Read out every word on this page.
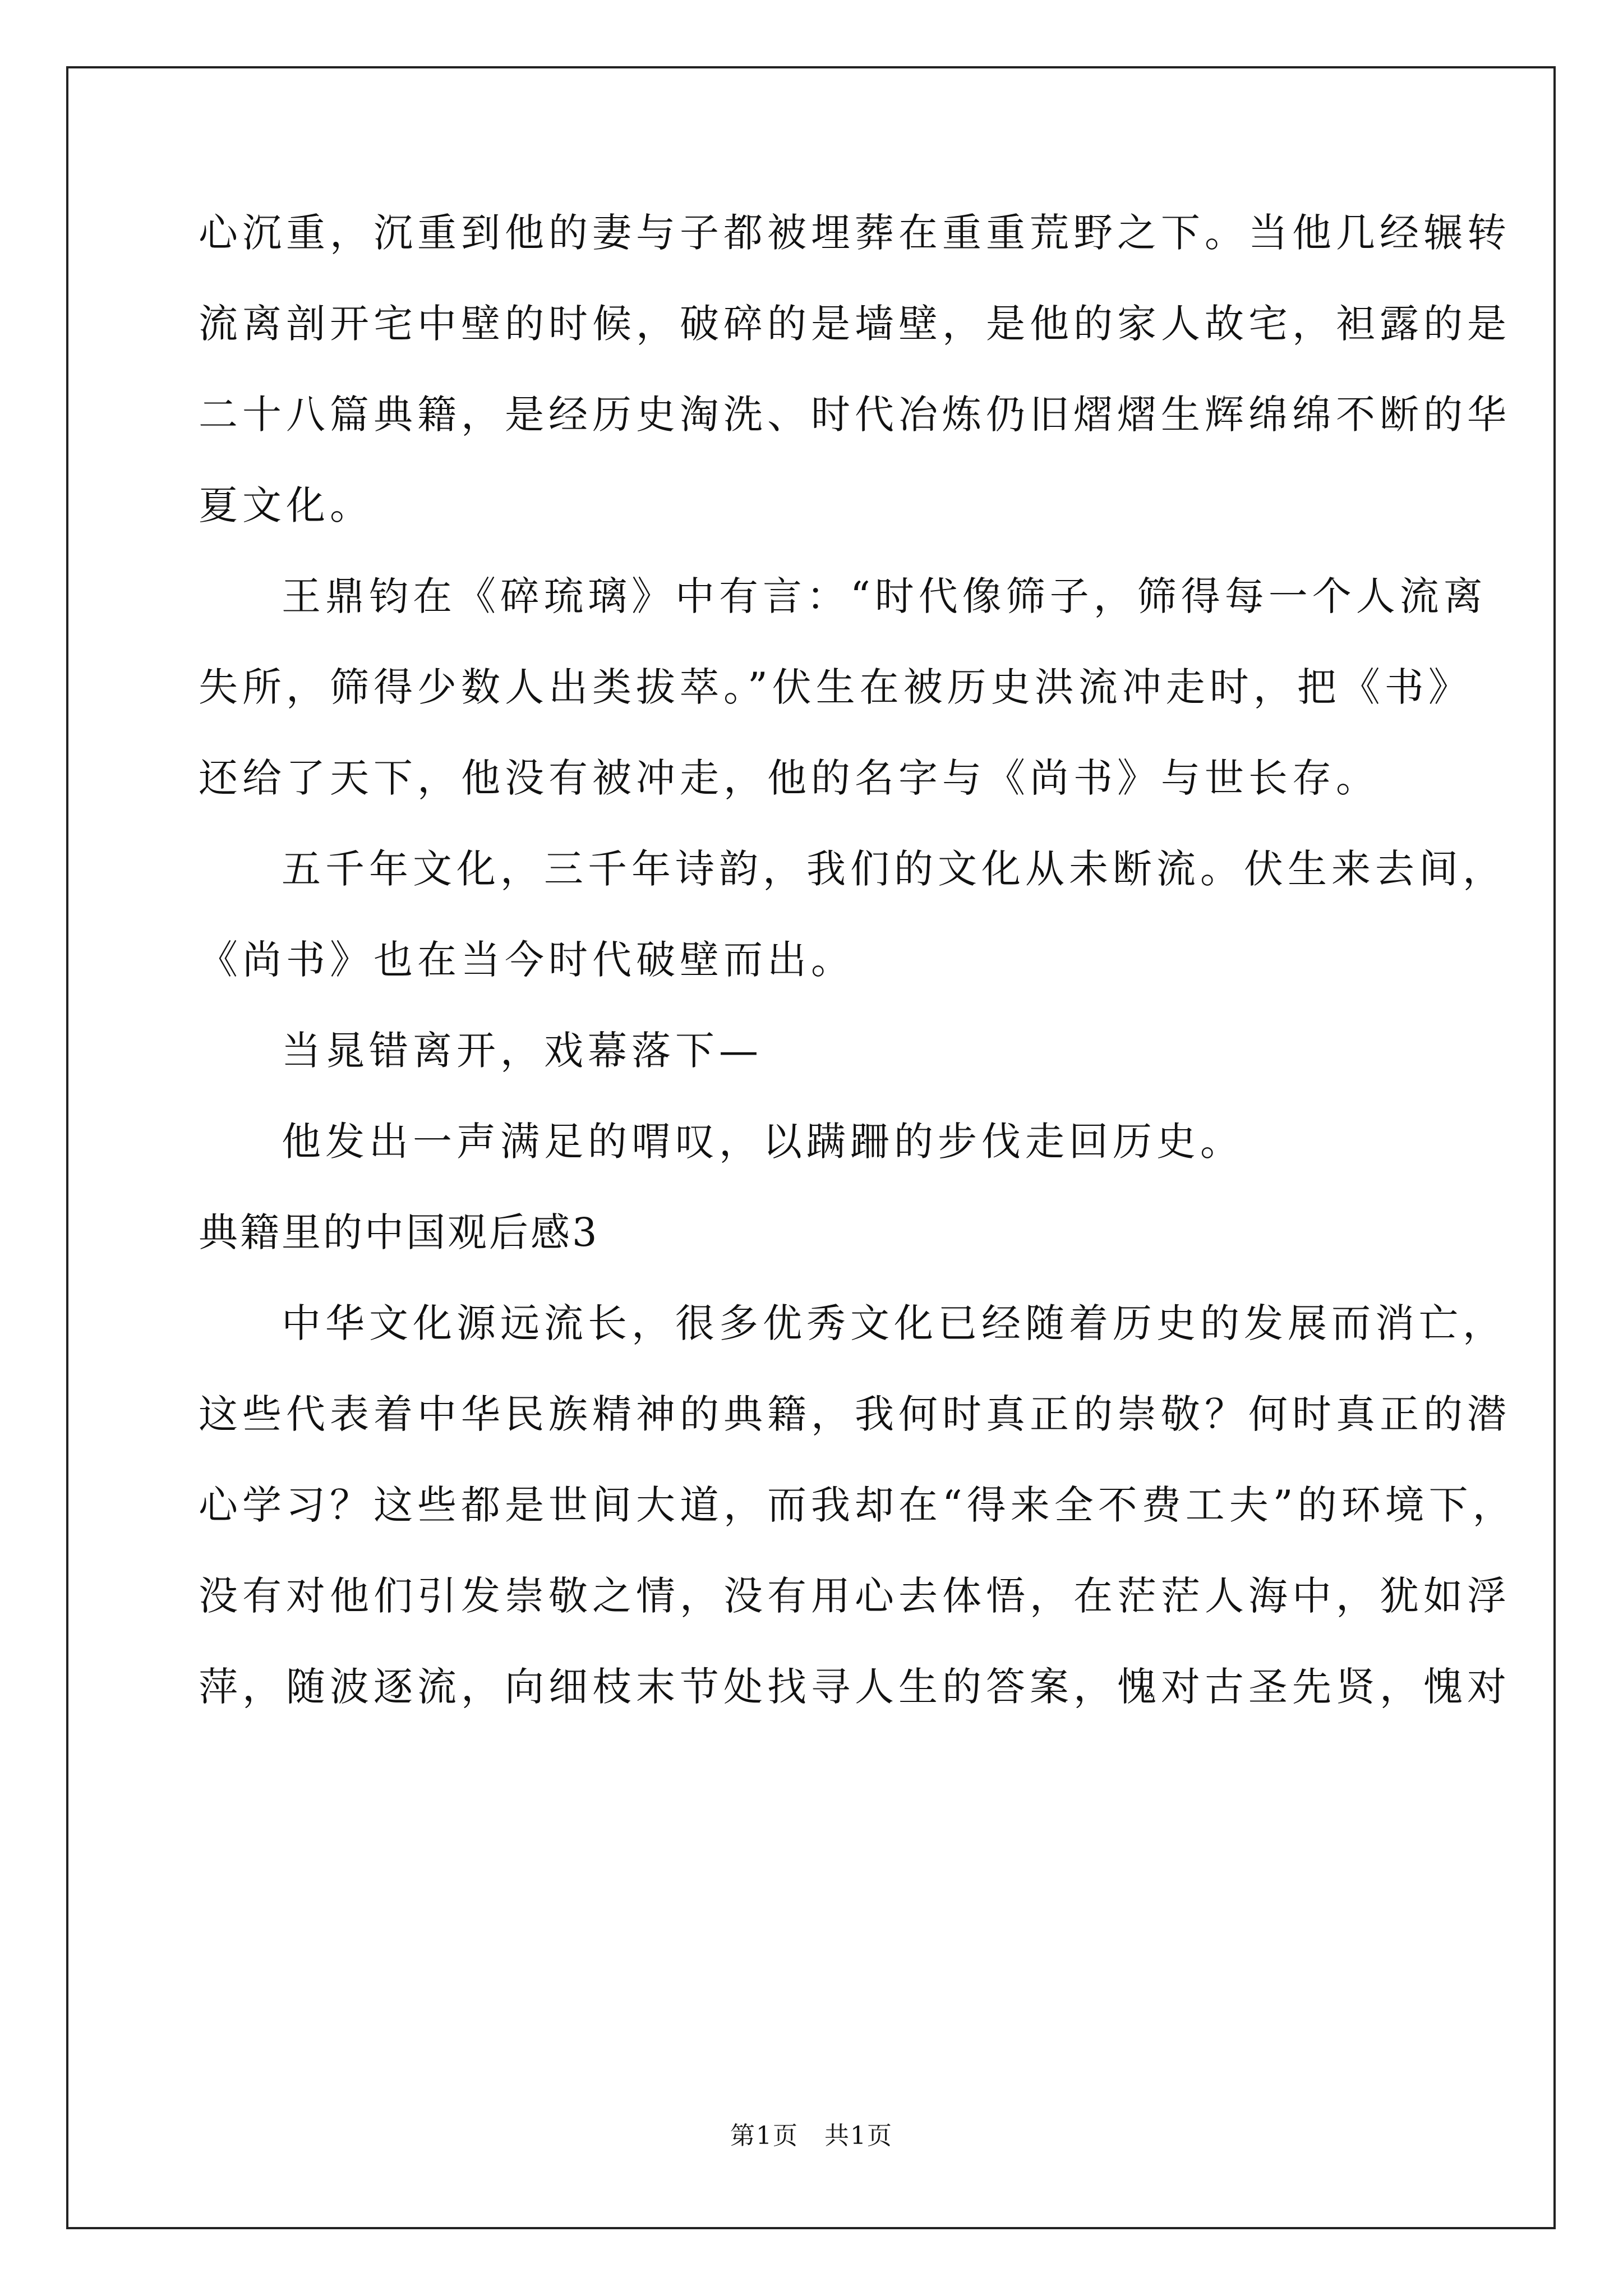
心沉重，沉重到他的妻与子都被埋葬在重重荒野之下。当他几经辗转
流离剖开宅中壁的时候，破碎的是墙壁，是他的家人故宅，袒露的是
二十八篇典籍，是经历史淘洗、时代冶炼仍旧熠熠生辉绵绵不断的华
夏文化。
王鼎钧在《碎琉璃》中有言：“时代像筛子，筛得每一个人流离
失所，筛得少数人出类拔萃。”伏生在被历史洪流冲走时，把《书》
还给了天下，他没有被冲走，他的名字与《尚书》与世长存。
五千年文化，三千年诗韵，我们的文化从未断流。伏生来去间，
《尚书》也在当今时代破壁而出。
当晁错离开，戏幕落下—
他发出一声满足的喟叹，以蹒跚的步伐走回历史。
典籍里的中国观后感3
中华文化源远流长，很多优秀文化已经随着历史的发展而消亡，
这些代表着中华民族精神的典籍，我何时真正的崇敬？何时真正的潜
心学习？这些都是世间大道，而我却在“得来全不费工夫”的环境下，
没有对他们引发崇敬之情，没有用心去体悟，在茫茫人海中，犹如浮
萍，随波逐流，向细枝末节处找寻人生的答案，愧对古圣先贤，愧对
第1页　共1页
